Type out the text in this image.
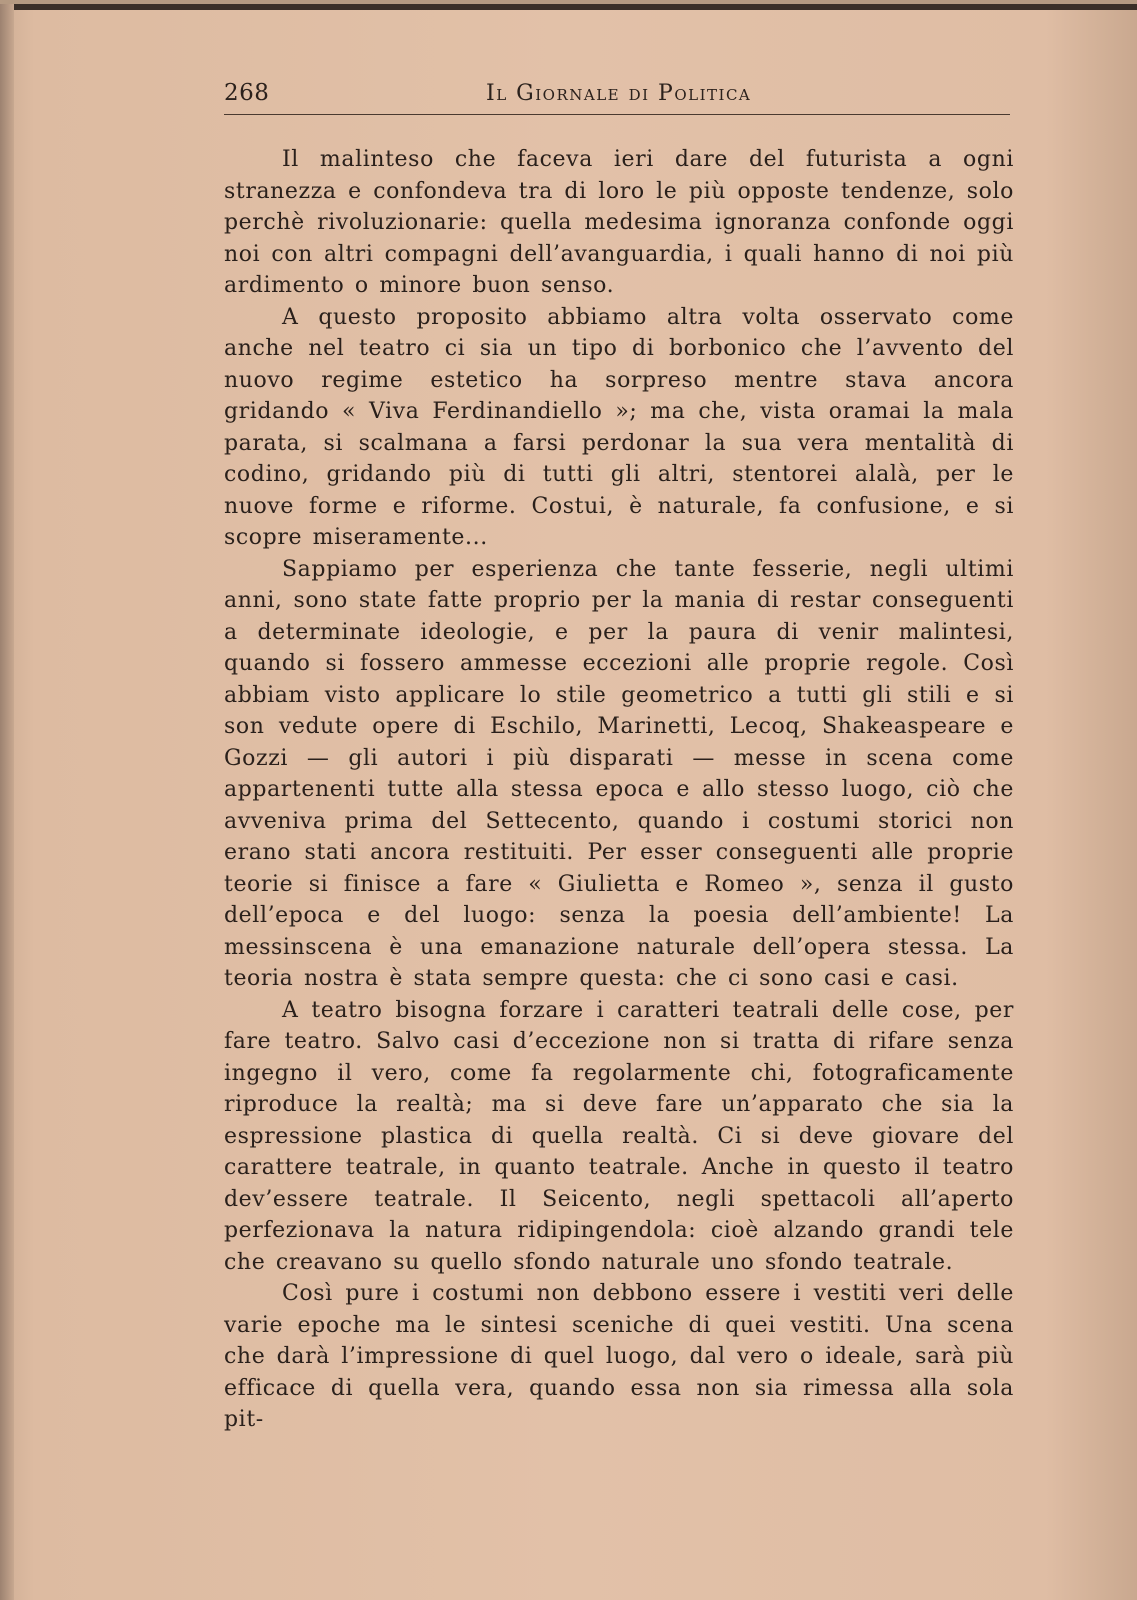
268	Il Giornale di Politica

Il malinteso che faceva ieri dare del futurista a ogni stranezza e confondeva tra di loro le più opposte tendenze, solo perchè rivoluzionarie: quella medesima ignoranza confonde oggi noi con altri compagni dell’avanguardia, i quali hanno di noi più ardimento o minore buon senso.

A questo proposito abbiamo altra volta osservato come anche nel teatro ci sia un tipo di borbonico che l’avvento del nuovo regime estetico ha sorpreso mentre stava ancora gridando « Viva Ferdinandiello »; ma che, vista oramai la mala parata, si scalmana a farsi perdonar la sua vera mentalità di codino, gridando più di tutti gli altri, stentorei alalà, per le nuove forme e riforme. Costui, è naturale, fa confusione, e si scopre miseramente...

Sappiamo per esperienza che tante fesserie, negli ultimi anni, sono state fatte proprio per la mania di restar conseguenti a determinate ideologie, e per la paura di venir malintesi, quando si fossero ammesse eccezioni alle proprie regole. Così abbiam visto applicare lo stile geometrico a tutti gli stili e si son vedute opere di Eschilo, Marinetti, Lecoq, Shakeaspeare e Gozzi — gli autori i più disparati — messe in scena come appartenenti tutte alla stessa epoca e allo stesso luogo, ciò che avveniva prima del Settecento, quando i costumi storici non erano stati ancora restituiti. Per esser conseguenti alle proprie teorie si finisce a fare « Giulietta e Romeo », senza il gusto dell’epoca e del luogo: senza la poesia dell’ambiente! La messinscena è una emanazione naturale dell’opera stessa. La teoria nostra è stata sempre questa: che ci sono casi e casi.

A teatro bisogna forzare i caratteri teatrali delle cose, per fare teatro. Salvo casi d’eccezione non si tratta di rifare senza ingegno il vero, come fa regolarmente chi, fotograficamente riproduce la realtà; ma si deve fare un’apparato che sia la espressione plastica di quella realtà. Ci si deve giovare del carattere teatrale, in quanto teatrale. Anche in questo il teatro dev’essere teatrale. Il Seicento, negli spettacoli all’aperto perfezionava la natura ridipingendola: cioè alzando grandi tele che creavano su quello sfondo naturale uno sfondo teatrale.

Così pure i costumi non debbono essere i vestiti veri delle varie epoche ma le sintesi sceniche di quei vestiti. Una scena che darà l’impressione di quel luogo, dal vero o ideale, sarà più efficace di quella vera, quando essa non sia rimessa alla sola pit-
